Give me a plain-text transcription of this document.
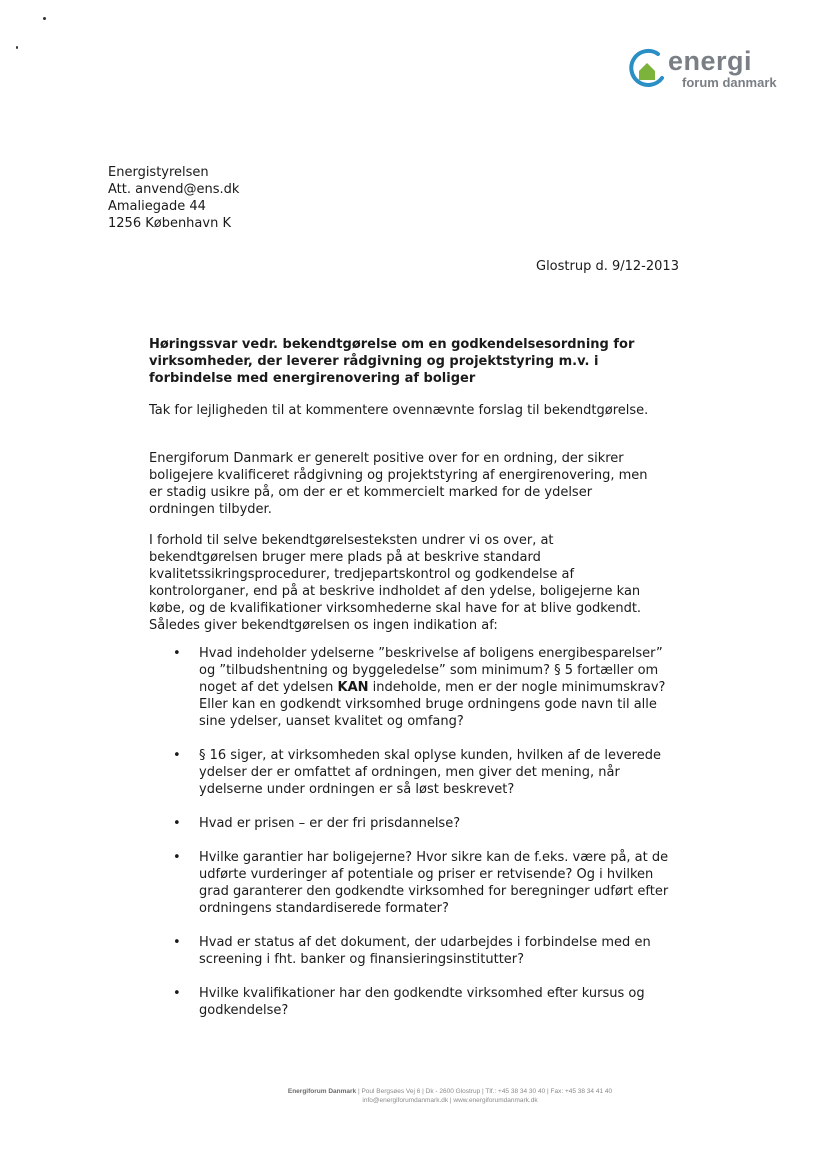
energi
forum danmark
Energistyrelsen
Att. anvend@ens.dk
Amaliegade 44
1256 København K
Glostrup d. 9/12-2013
Høringssvar vedr. bekendtgørelse om en godkendelsesordning for virksomheder, der leverer rådgivning og projektstyring m.v. i forbindelse med energirenovering af boliger
Tak for lejligheden til at kommentere ovennævnte forslag til bekendtgørelse.
Energiforum Danmark er generelt positive over for en ordning, der sikrer boligejere kvalificeret rådgivning og projektstyring af energirenovering, men er stadig usikre på, om der er et kommercielt marked for de ydelser ordningen tilbyder.
I forhold til selve bekendtgørelsesteksten undrer vi os over, at bekendtgørelsen bruger mere plads på at beskrive standard kvalitetssikringsprocedurer, tredjepartskontrol og godkendelse af kontrolorganer, end på at beskrive indholdet af den ydelse, boligejerne kan købe, og de kvalifikationer virksomhederne skal have for at blive godkendt.
Således giver bekendtgørelsen os ingen indikation af:
• Hvad indeholder ydelserne ”beskrivelse af boligens energibesparelser” og ”tilbudshentning og byggeledelse” som minimum? § 5 fortæller om noget af det ydelsen KAN indeholde, men er der nogle minimumskrav? Eller kan en godkendt virksomhed bruge ordningens gode navn til alle sine ydelser, uanset kvalitet og omfang?
• § 16 siger, at virksomheden skal oplyse kunden, hvilken af de leverede ydelser der er omfattet af ordningen, men giver det mening, når ydelserne under ordningen er så løst beskrevet?
• Hvad er prisen – er der fri prisdannelse?
• Hvilke garantier har boligejerne? Hvor sikre kan de f.eks. være på, at de udførte vurderinger af potentiale og priser er retvisende? Og i hvilken grad garanterer den godkendte virksomhed for beregninger udført efter ordningens standardiserede formater?
• Hvad er status af det dokument, der udarbejdes i forbindelse med en screening i fht. banker og finansieringsinstitutter?
• Hvilke kvalifikationer har den godkendte virksomhed efter kursus og godkendelse?
Energiforum Danmark | Poul Bergsøes Vej 6 | Dk - 2600 Glostrup | Tlf.: +45 38 34 30 40 | Fax: +45 38 34 41 40
info@energiforumdanmark.dk | www.energiforumdanmark.dk
